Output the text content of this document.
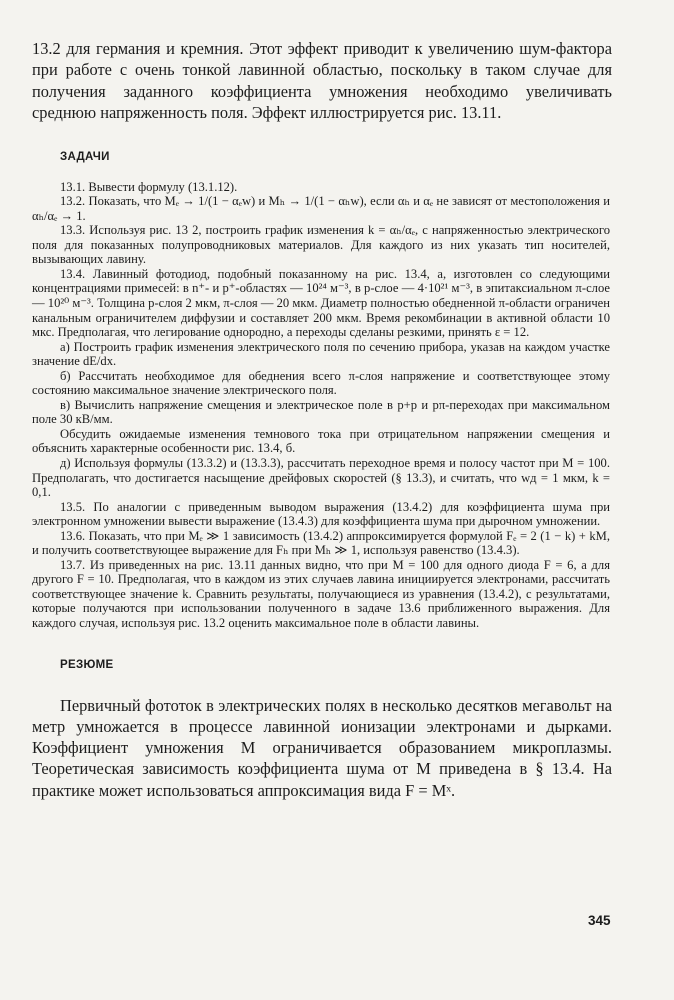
13.2 для германия и кремния. Этот эффект приводит к увеличению шум-фактора при работе с очень тонкой лавинной областью, поскольку в таком случае для получения заданного коэффициента умножения необходимо увеличивать среднюю напряженность поля. Эффект иллюстрируется рис. 13.11.

ЗАДАЧИ

13.1. Вывести формулу (13.1.12).

13.2. Показать, что Mₑ → 1/(1 − αₑw) и Mₕ → 1/(1 − αₕw), если αₕ и αₑ не зависят от местоположения и αₕ/αₑ → 1.

13.3. Используя рис. 13 2, построить график изменения k = αₕ/αₑ, с напряженностью электрического поля для показанных полупроводниковых материалов. Для каждого из них указать тип носителей, вызывающих лавину.

13.4. Лавинный фотодиод, подобный показанному на рис. 13.4, а, изготовлен со следующими концентрациями примесей: в n⁺- и p⁺-областях — 10²⁴ м⁻³, в p-слое — 4·10²¹ м⁻³, в эпитаксиальном π-слое — 10²⁰ м⁻³. Толщина p-слоя 2 мкм, π-слоя — 20 мкм. Диаметр полностью обедненной π-области ограничен канальным ограничителем диффузии и составляет 200 мкм. Время рекомбинации в активной области 10 мкс. Предполагая, что легирование однородно, а переходы сделаны резкими, принять ε = 12.

а) Построить график изменения электрического поля по сечению прибора, указав на каждом участке значение dE/dx.

б) Рассчитать необходимое для обеднения всего π-слоя напряжение и соответствующее этому состоянию максимальное значение электрического поля.

в) Вычислить напряжение смещения и электрическое поле в p+p и pπ-переходах при максимальном поле 30 кВ/мм.

Обсудить ожидаемые изменения темнового тока при отрицательном напряжении смещения и объяснить характерные особенности рис. 13.4, б.

д) Используя формулы (13.3.2) и (13.3.3), рассчитать переходное время и полосу частот при M = 100. Предполагать, что достигается насыщение дрейфовых скоростей (§ 13.3), и считать, что wд = 1 мкм, k = 0,1.

13.5. По аналогии с приведенным выводом выражения (13.4.2) для коэффициента шума при электронном умножении вывести выражение (13.4.3) для коэффициента шума при дырочном умножении.

13.6. Показать, что при Mₑ ≫ 1 зависимость (13.4.2) аппроксимируется формулой Fₑ = 2 (1 − k) + kM, и получить соответствующее выражение для Fₕ при Mₕ ≫ 1, используя равенство (13.4.3).

13.7. Из приведенных на рис. 13.11 данных видно, что при M = 100 для одного диода F = 6, а для другого F = 10. Предполагая, что в каждом из этих случаев лавина инициируется электронами, рассчитать соответствующее значение k. Сравнить результаты, получающиеся из уравнения (13.4.2), с результатами, которые получаются при использовании полученного в задаче 13.6 приближенного выражения. Для каждого случая, используя рис. 13.2 оценить максимальное поле в области лавины.

РЕЗЮМЕ

Первичный фототок в электрических полях в несколько десятков мегавольт на метр умножается в процессе лавинной ионизации электронами и дырками. Коэффициент умножения M ограничивается образованием микроплазмы. Теоретическая зависимость коэффициента шума от M приведена в § 13.4. На практике может использоваться аппроксимация вида F = Mˣ.

345
